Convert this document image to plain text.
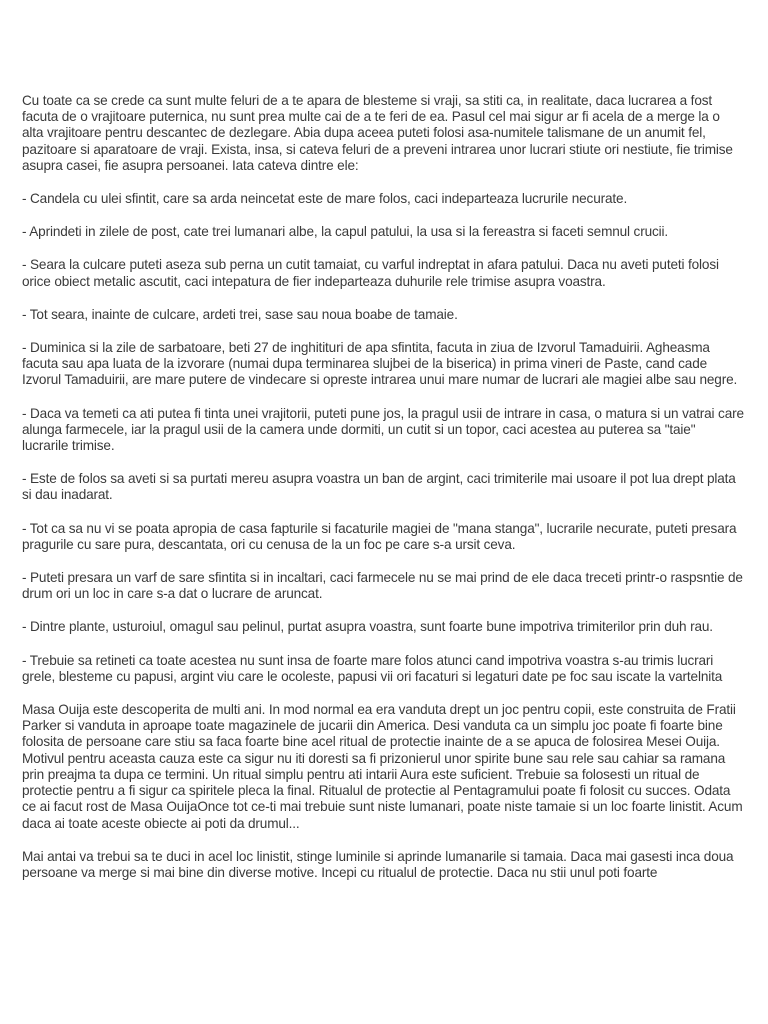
Cu toate ca se crede ca sunt multe feluri de a te apara de blesteme si vraji, sa stiti ca, in realitate, daca lucrarea a fost facuta de o vrajitoare puternica, nu sunt prea multe cai de a te feri de ea. Pasul cel mai sigur ar fi acela de a merge la o alta vrajitoare pentru descantec de dezlegare. Abia dupa aceea puteti folosi asa-numitele talismane de un anumit fel, pazitoare si aparatoare de vraji. Exista, insa, si cateva feluri de a preveni intrarea unor lucrari stiute ori nestiute, fie trimise asupra casei, fie asupra persoanei. Iata cateva dintre ele:

- Candela cu ulei sfintit, care sa arda neincetat este de mare folos, caci indeparteaza lucrurile necurate.

- Aprindeti in zilele de post, cate trei lumanari albe, la capul patului, la usa si la fereastra si faceti semnul crucii.

- Seara la culcare puteti aseza sub perna un cutit tamaiat, cu varful indreptat in afara patului. Daca nu aveti puteti folosi orice obiect metalic ascutit, caci intepatura de fier indeparteaza duhurile rele trimise asupra voastra.

- Tot seara, inainte de culcare, ardeti trei, sase sau noua boabe de tamaie.

- Duminica si la zile de sarbatoare, beti 27 de inghitituri de apa sfintita, facuta in ziua de Izvorul Tamaduirii. Agheasma facuta sau apa luata de la izvorare (numai dupa terminarea slujbei de la biserica) in prima vineri de Paste, cand cade Izvorul Tamaduirii, are mare putere de vindecare si opreste intrarea unui mare numar de lucrari ale magiei albe sau negre.

- Daca va temeti ca ati putea fi tinta unei vrajitorii, puteti pune jos, la pragul usii de intrare in casa, o matura si un vatrai care alunga farmecele, iar la pragul usii de la camera unde dormiti, un cutit si un topor, caci acestea au puterea sa "taie" lucrarile trimise.

- Este de folos sa aveti si sa purtati mereu asupra voastra un ban de argint, caci trimiterile mai usoare il pot lua drept plata si dau inadarat.

- Tot ca sa nu vi se poata apropia de casa fapturile si facaturile magiei de "mana stanga", lucrarile necurate, puteti presara pragurile cu sare pura, descantata, ori cu cenusa de la un foc pe care s-a ursit ceva.

- Puteti presara un varf de sare sfintita si in incaltari, caci farmecele nu se mai prind de ele daca treceti printr-o raspsntie de drum ori un loc in care s-a dat o lucrare de aruncat.

- Dintre plante, usturoiul, omagul sau pelinul, purtat asupra voastra, sunt foarte bune impotriva trimiterilor prin duh rau.

- Trebuie sa retineti ca toate acestea nu sunt insa de foarte mare folos atunci cand impotriva voastra s-au trimis lucrari grele, blesteme cu papusi, argint viu care le ocoleste, papusi vii ori facaturi si legaturi date pe foc sau iscate la vartelnita

Masa Ouija este descoperita de multi ani. In mod normal ea era vanduta drept un joc pentru copii, este construita de Fratii Parker si vanduta in aproape toate magazinele de jucarii din America. Desi vanduta ca un simplu joc poate fi foarte bine folosita de persoane care stiu sa faca foarte bine acel ritual de protectie inainte de a se apuca de folosirea Mesei Ouija. Motivul pentru aceasta cauza este ca sigur nu iti doresti sa fi prizonierul unor spirite bune sau rele sau cahiar sa ramana prin preajma ta dupa ce termini. Un ritual simplu pentru ati intarii Aura este suficient. Trebuie sa folosesti un ritual de protectie pentru a fi sigur ca spiritele pleca la final. Ritualul de protectie al Pentagramului poate fi folosit cu succes. Odata ce ai facut rost de Masa OuijaOnce tot ce-ti mai trebuie sunt niste lumanari, poate niste tamaie si un loc foarte linistit. Acum daca ai toate aceste obiecte ai poti da drumul...

Mai antai va trebui sa te duci in acel loc linistit, stinge luminile si aprinde lumanarile si tamaia. Daca mai gasesti inca doua persoane va merge si mai bine din diverse motive. Incepi cu ritualul de protectie. Daca nu stii unul poti foarte
